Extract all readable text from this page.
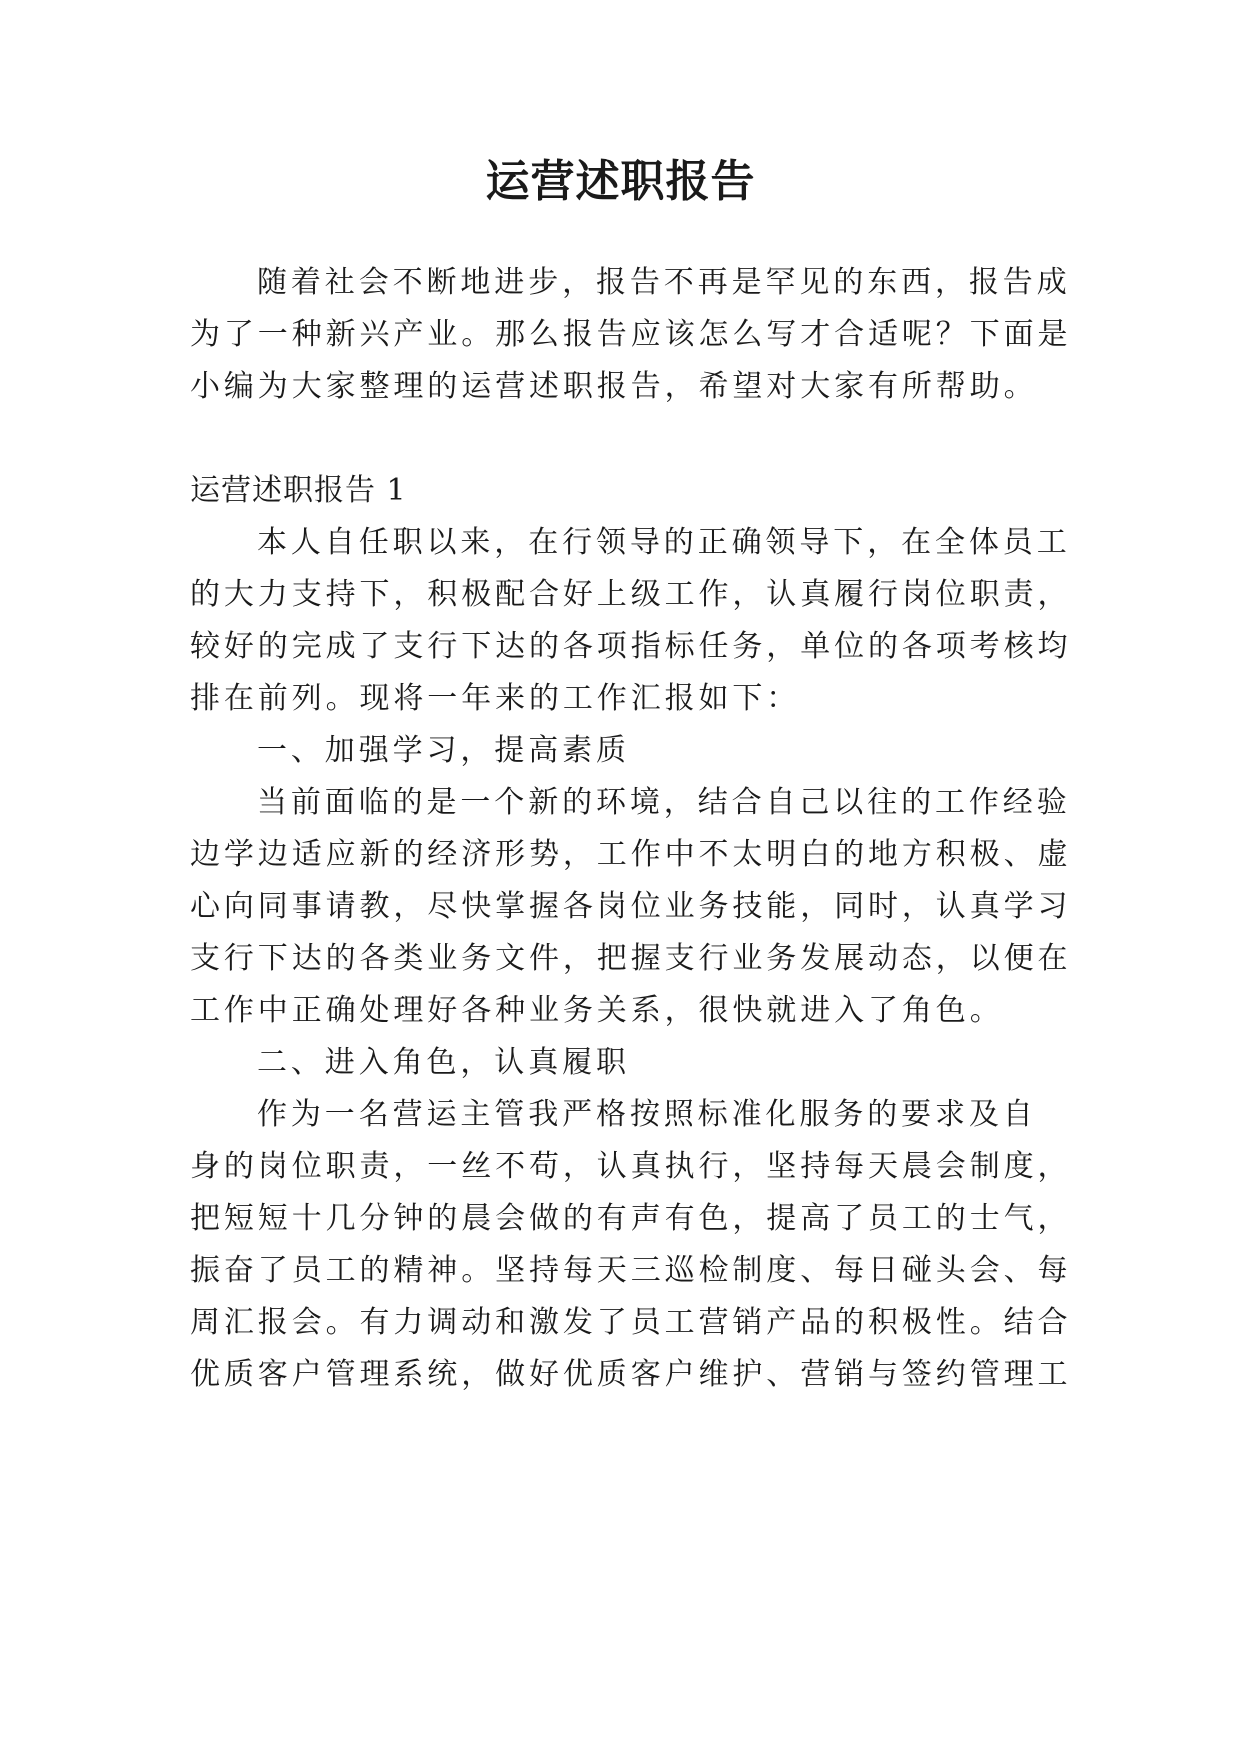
运营述职报告

随着社会不断地进步，报告不再是罕见的东西，报告成

为了一种新兴产业。那么报告应该怎么写才合适呢？下面是

小编为大家整理的运营述职报告，希望对大家有所帮助。

运营述职报告 1

本人自任职以来，在行领导的正确领导下，在全体员工

的大力支持下，积极配合好上级工作，认真履行岗位职责，

较好的完成了支行下达的各项指标任务，单位的各项考核均

排在前列。现将一年来的工作汇报如下：

一、加强学习，提高素质

当前面临的是一个新的环境，结合自己以往的工作经验

边学边适应新的经济形势，工作中不太明白的地方积极、虚

心向同事请教，尽快掌握各岗位业务技能，同时，认真学习

支行下达的各类业务文件，把握支行业务发展动态，以便在

工作中正确处理好各种业务关系，很快就进入了角色。

二、进入角色，认真履职

作为一名营运主管我严格按照标准化服务的要求及自

身的岗位职责，一丝不苟，认真执行，坚持每天晨会制度，

把短短十几分钟的晨会做的有声有色，提高了员工的士气，

振奋了员工的精神。坚持每天三巡检制度、每日碰头会、每

周汇报会。有力调动和激发了员工营销产品的积极性。结合

优质客户管理系统，做好优质客户维护、营销与签约管理工
